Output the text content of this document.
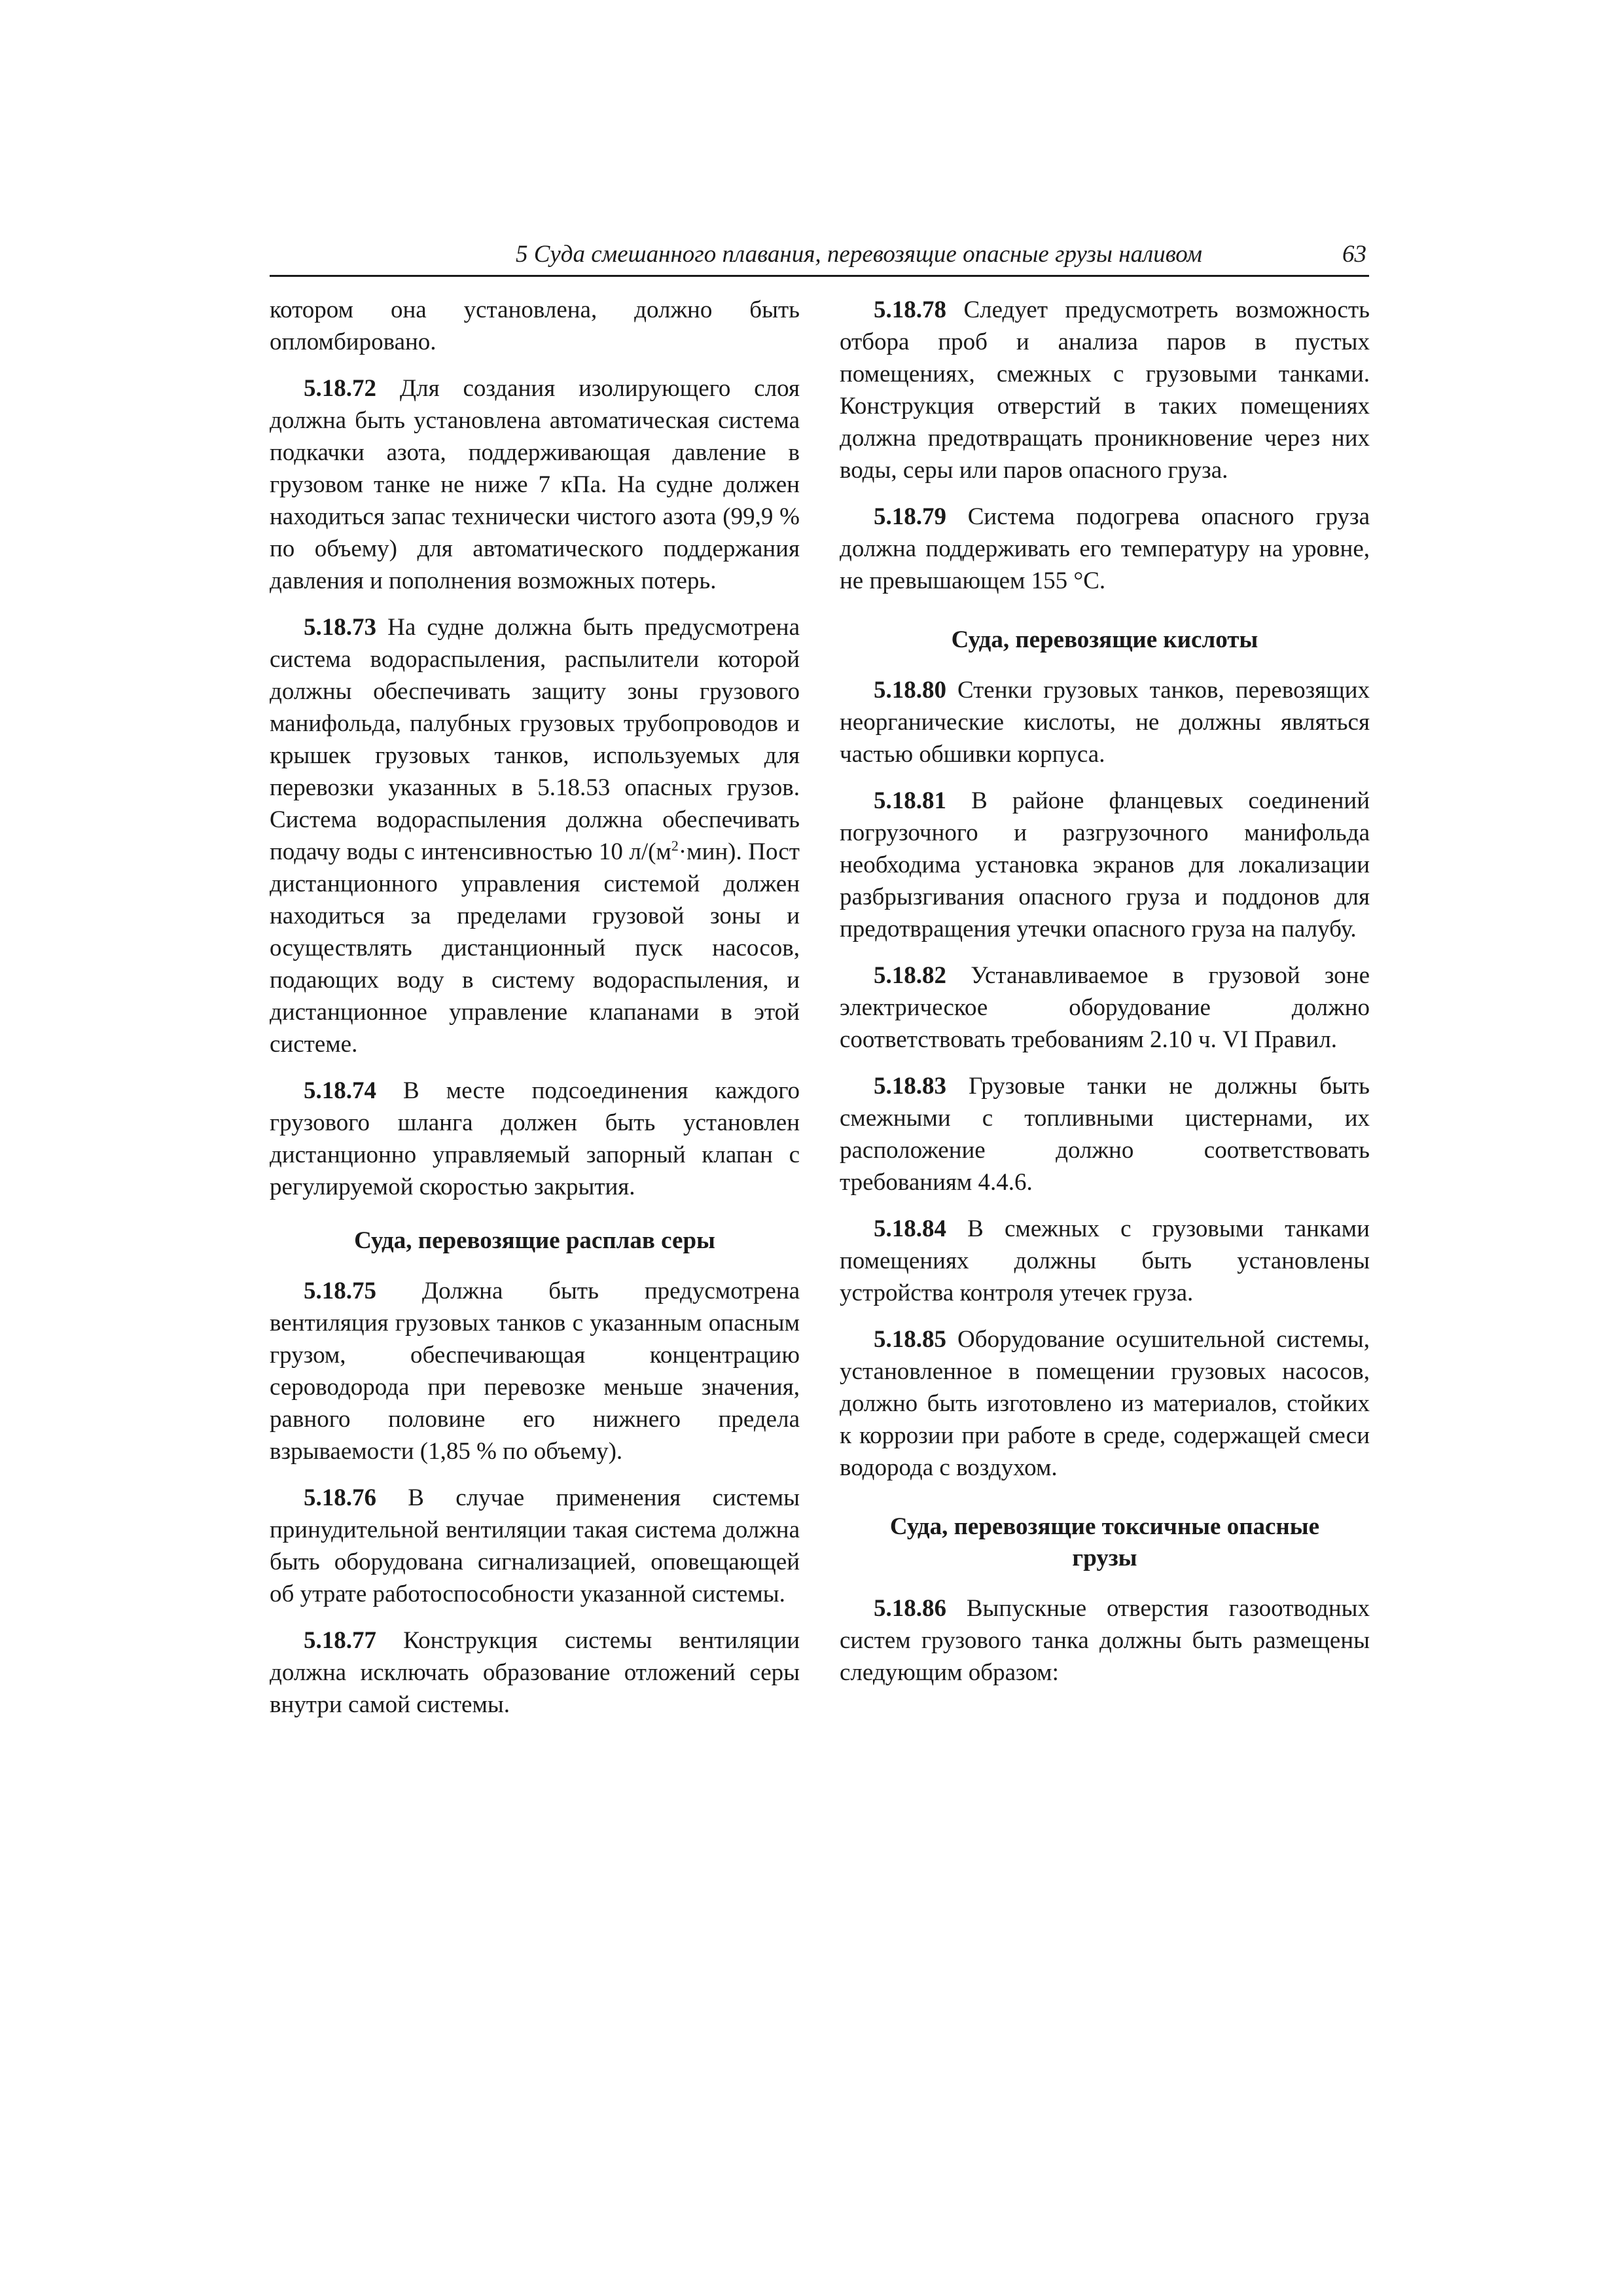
5 Суда смешанного плавания, перевозящие опасные грузы наливом	63

котором она установлена, должно быть опломбировано.

5.18.72 Для создания изолирующего слоя должна быть установлена автоматическая система подкачки азота, поддерживающая давление в грузовом танке не ниже 7 кПа. На судне должен находиться запас технически чистого азота (99,9 % по объему) для автоматического поддержания давления и пополнения возможных потерь.

5.18.73 На судне должна быть предусмотрена система водораспыления, распылители которой должны обеспечивать защиту зоны грузового манифольда, палубных грузовых трубопроводов и крышек грузовых танков, используемых для перевозки указанных в 5.18.53 опасных грузов. Система водораспыления должна обеспечивать подачу воды с интенсивностью 10 $л/(м^2\cdot мин)$. Пост дистанционного управления системой должен находиться за пределами грузовой зоны и осуществлять дистанционный пуск насосов, подающих воду в систему водораспыления, и дистанционное управление клапанами в этой системе.

5.18.74 В месте подсоединения каждого грузового шланга должен быть установлен дистанционно управляемый запорный клапан с регулируемой скоростью закрытия.

Суда, перевозящие расплав серы

5.18.75 Должна быть предусмотрена вентиляция грузовых танков с указанным опасным грузом, обеспечивающая концентрацию сероводорода при перевозке меньше значения, равного половине его нижнего предела взрываемости (1,85 % по объему).

5.18.76 В случае применения системы принудительной вентиляции такая система должна быть оборудована сигнализацией, оповещающей об утрате работоспособности указанной системы.

5.18.77 Конструкция системы вентиляции должна исключать образование отложений серы внутри самой системы.

5.18.78 Следует предусмотреть возможность отбора проб и анализа паров в пустых помещениях, смежных с грузовыми танками. Конструкция отверстий в таких помещениях должна предотвращать проникновение через них воды, серы или паров опасного груза.

5.18.79 Система подогрева опасного груза должна поддерживать его температуру на уровне, не превышающем 155 °С.

Суда, перевозящие кислоты

5.18.80 Стенки грузовых танков, перевозящих неорганические кислоты, не должны являться частью обшивки корпуса.

5.18.81 В районе фланцевых соединений погрузочного и разгрузочного манифольда необходима установка экранов для локализации разбрызгивания опасного груза и поддонов для предотвращения утечки опасного груза на палубу.

5.18.82 Устанавливаемое в грузовой зоне электрическое оборудование должно соответствовать требованиям 2.10 ч. VI Правил.

5.18.83 Грузовые танки не должны быть смежными с топливными цистернами, их расположение должно соответствовать требованиям 4.4.6.

5.18.84 В смежных с грузовыми танками помещениях должны быть установлены устройства контроля утечек груза.

5.18.85 Оборудование осушительной системы, установленное в помещении грузовых насосов, должно быть изготовлено из материалов, стойких к коррозии при работе в среде, содержащей смеси водорода с воздухом.

Суда, перевозящие токсичные опасные грузы

5.18.86 Выпускные отверстия газоотводных систем грузового танка должны быть размещены следующим образом:
